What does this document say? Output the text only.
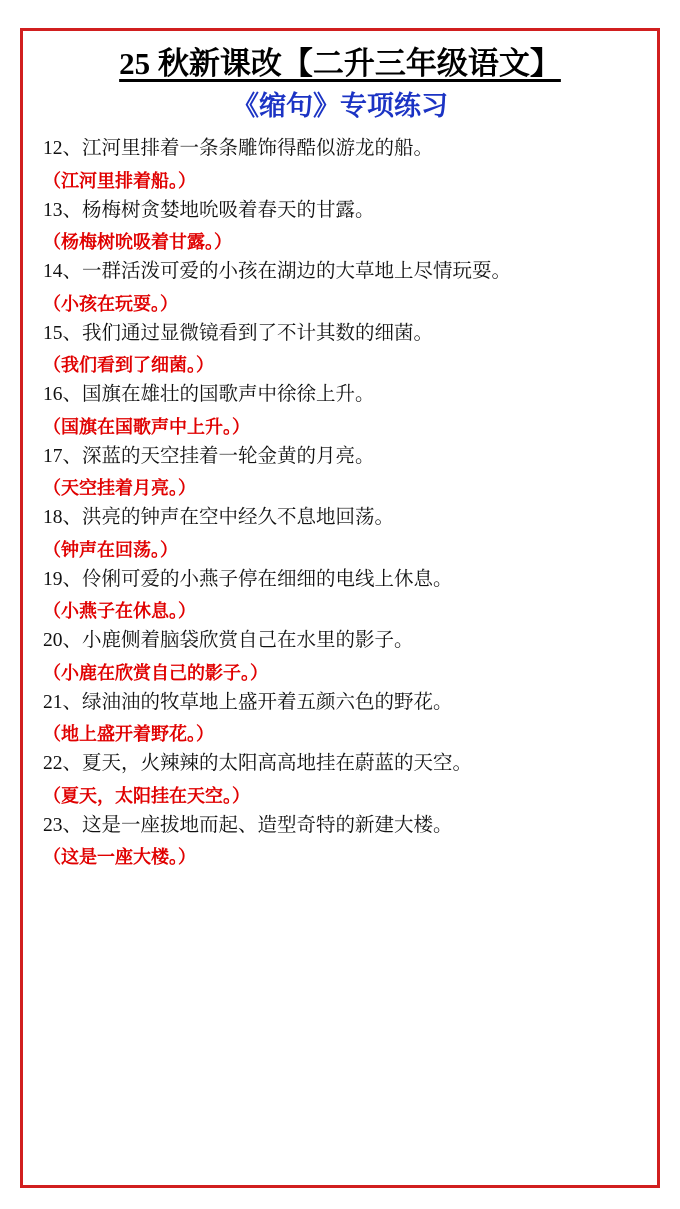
25 秋新课改【二升三年级语文】
《缩句》专项练习
12、江河里排着一条条雕饰得酷似游龙的船。
（江河里排着船。）
13、杨梅树贪婪地吮吸着春天的甘露。
（杨梅树吮吸着甘露。）
14、一群活泼可爱的小孩在湖边的大草地上尽情玩耍。
（小孩在玩耍。）
15、我们通过显微镜看到了不计其数的细菌。
（我们看到了细菌。）
16、国旗在雄壮的国歌声中徐徐上升。
（国旗在国歌声中上升。）
17、深蓝的天空挂着一轮金黄的月亮。
（天空挂着月亮。）
18、洪亮的钟声在空中经久不息地回荡。
（钟声在回荡。）
19、伶俐可爱的小燕子停在细细的电线上休息。
（小燕子在休息。）
20、小鹿侧着脑袋欣赏自己在水里的影子。
（小鹿在欣赏自己的影子。）
21、绿油油的牧草地上盛开着五颜六色的野花。
（地上盛开着野花。）
22、夏天，火辣辣的太阳高高地挂在蔚蓝的天空。
（夏天，太阳挂在天空。）
23、这是一座拔地而起、造型奇特的新建大楼。
（这是一座大楼。）
